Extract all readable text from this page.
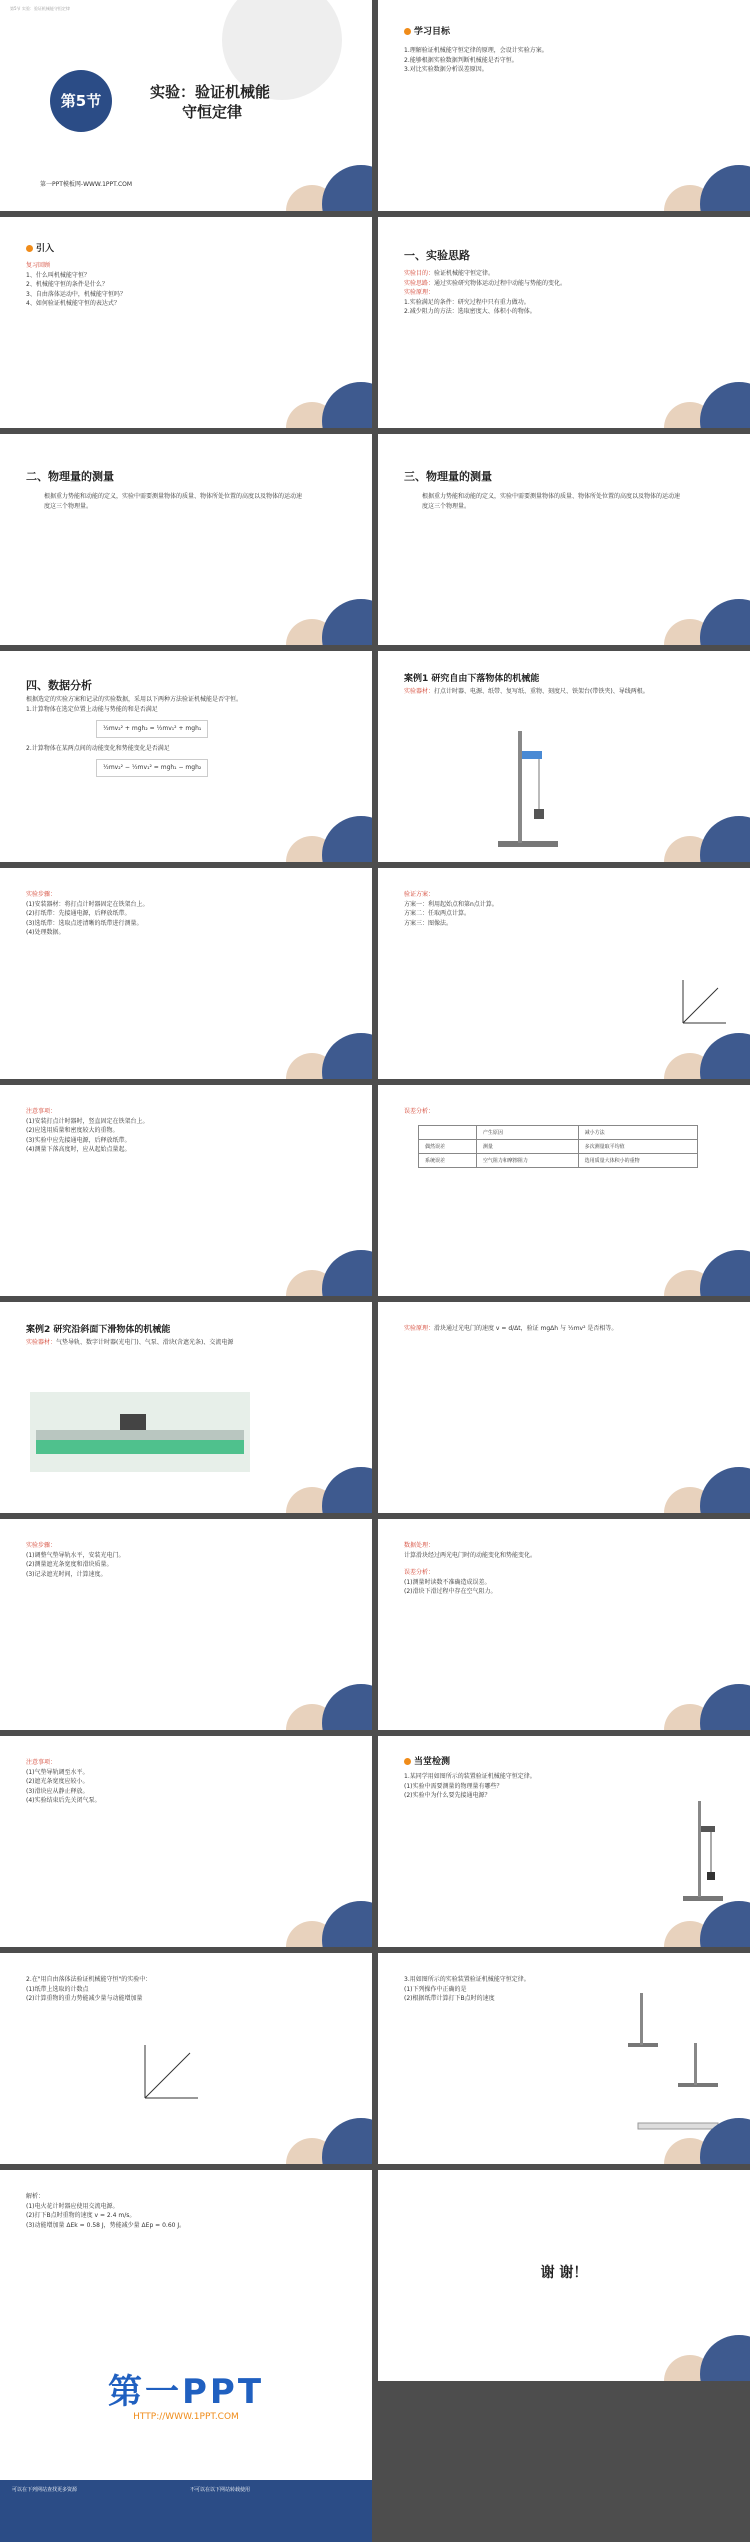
第5节 实验：验证机械能守恒定律
第5节	实验：验证机械能
守恒定律
第一PPT模板网-WWW.1PPT.COM
学习目标
1.理解验证机械能守恒定律的原理，会设计实验方案。
2.能够根据实验数据判断机械能是否守恒。
3.对比实验数据分析误差原因。
引入
复习回顾
1、什么叫机械能守恒？
2、机械能守恒的条件是什么？
3、自由落体运动中，机械能守恒吗？
4、如何验证机械能守恒的表达式？
一、实验思路
实验目的：验证机械能守恒定律。
实验思路：通过实验研究物体运动过程中动能与势能的变化。
实验原理：
1.实验满足的条件：研究过程中只有重力做功。
2.减少阻力的方法：选取密度大、体积小的物体。
二、物理量的测量
根据重力势能和动能的定义，实验中需要测量物体的质量、物体所处位置的高度以及物体的运动速度这三个物理量。
三、物理量的测量
根据重力势能和动能的定义，实验中需要测量物体的质量、物体所处位置的高度以及物体的运动速度这三个物理量。
四、数据分析
根据选定的实验方案和记录的实验数据，采用以下两种方法验证机械能是否守恒。
1.计算物体在选定位置上动能与势能的和是否满足
½mv₂² + mgh₂ = ½mv₁² + mgh₁
2.计算物体在某两点间的动能变化和势能变化是否满足
½mv₂² − ½mv₁² = mgh₁ − mgh₂
案例1 研究自由下落物体的机械能
实验器材：打点计时器、电源、纸带、复写纸、重物、刻度尺、铁架台(带铁夹)、导线两根。
实验步骤：
(1)安装器材：将打点计时器固定在铁架台上。
(2)打纸带：先接通电源，后释放纸带。
(3)选纸带：选取点迹清晰的纸带进行测量。
(4)处理数据。
验证方案：
方案一：利用起始点和第n点计算。
方案二：任取两点计算。
方案三：图像法。
注意事项：
(1)安装打点计时器时，竖直固定在铁架台上。
(2)应选用质量和密度较大的重物。
(3)实验中应先接通电源，后释放纸带。
(4)测量下落高度时，应从起始点量起。
误差分析：
	产生原因	减小方法
偶然误差	测量	多次测量取平均值
系统误差	空气阻力和摩擦阻力	选用质量大体积小的重物
案例2 研究沿斜面下滑物体的机械能
实验器材：气垫导轨、数字计时器(光电门)、气泵、滑块(含遮光条)、交流电源
实验原理：滑块通过光电门的速度 v = d/Δt，验证 mgΔh 与 ½mv² 是否相等。
实验步骤：
(1)调整气垫导轨水平，安装光电门。
(2)测量遮光条宽度和滑块质量。
(3)记录遮光时间，计算速度。
数据处理：
计算滑块经过两光电门时的动能变化和势能变化。
误差分析：
(1)测量时读数不准确造成误差。
(2)滑块下滑过程中存在空气阻力。
注意事项：
(1)气垫导轨调至水平。
(2)遮光条宽度应较小。
(3)滑块应从静止释放。
(4)实验结束后先关闭气泵。
当堂检测
1.某同学用如图所示的装置验证机械能守恒定律。
(1)实验中需要测量的物理量有哪些？
(2)实验中为什么要先接通电源？
2.在"用自由落体法验证机械能守恒"的实验中：
(1)纸带上选取的计数点
(2)计算重物的重力势能减少量与动能增加量
3.用如图所示的实验装置验证机械能守恒定律。
(1)下列操作中正确的是
(2)根据纸带计算打下B点时的速度
解析：
(1)电火花计时器应使用交流电源。
(2)打下B点时重物的速度 v = 2.4 m/s。
(3)动能增加量 ΔEk = 0.58 J，势能减少量 ΔEp = 0.60 J。
谢 谢！
第一PPT
HTTP://WWW.1PPT.COM
可以在下列网站查找更多资源	不可以在以下网站转载使用
